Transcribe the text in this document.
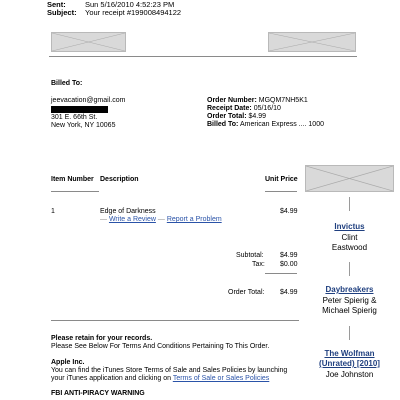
Sent:	Sun 5/16/2010 4:52:23 PM
Subject: Your receipt #199008494122
Billed To:
jeevacation@gmail.com
301 E. 66th St.
New York, NY 10065
Order Number: MGQM7NH5K1
Receipt Date: 05/16/10
Order Total: $4.99
Billed To: American Express .... 1000
Item Number Description	Unit Price
1	Edge of Darkness	$4.99
— Write a Review — Report a Problem
Subtotal: $4.99
Tax: $0.00
Order Total: $4.99
Please retain for your records.
Please See Below For Terms And Conditions Pertaining To This Order.
Apple Inc.
You can find the iTunes Store Terms of Sale and Sales Policies by launching
your iTunes application and clicking on Terms of Sale or Sales Policies
FBI ANTI-PIRACY WARNING
Invictus
Clint
Eastwood
Daybreakers
Peter Spierig &
Michael Spierig
The Wolfman
(Unrated) [2010]
Joe Johnston
